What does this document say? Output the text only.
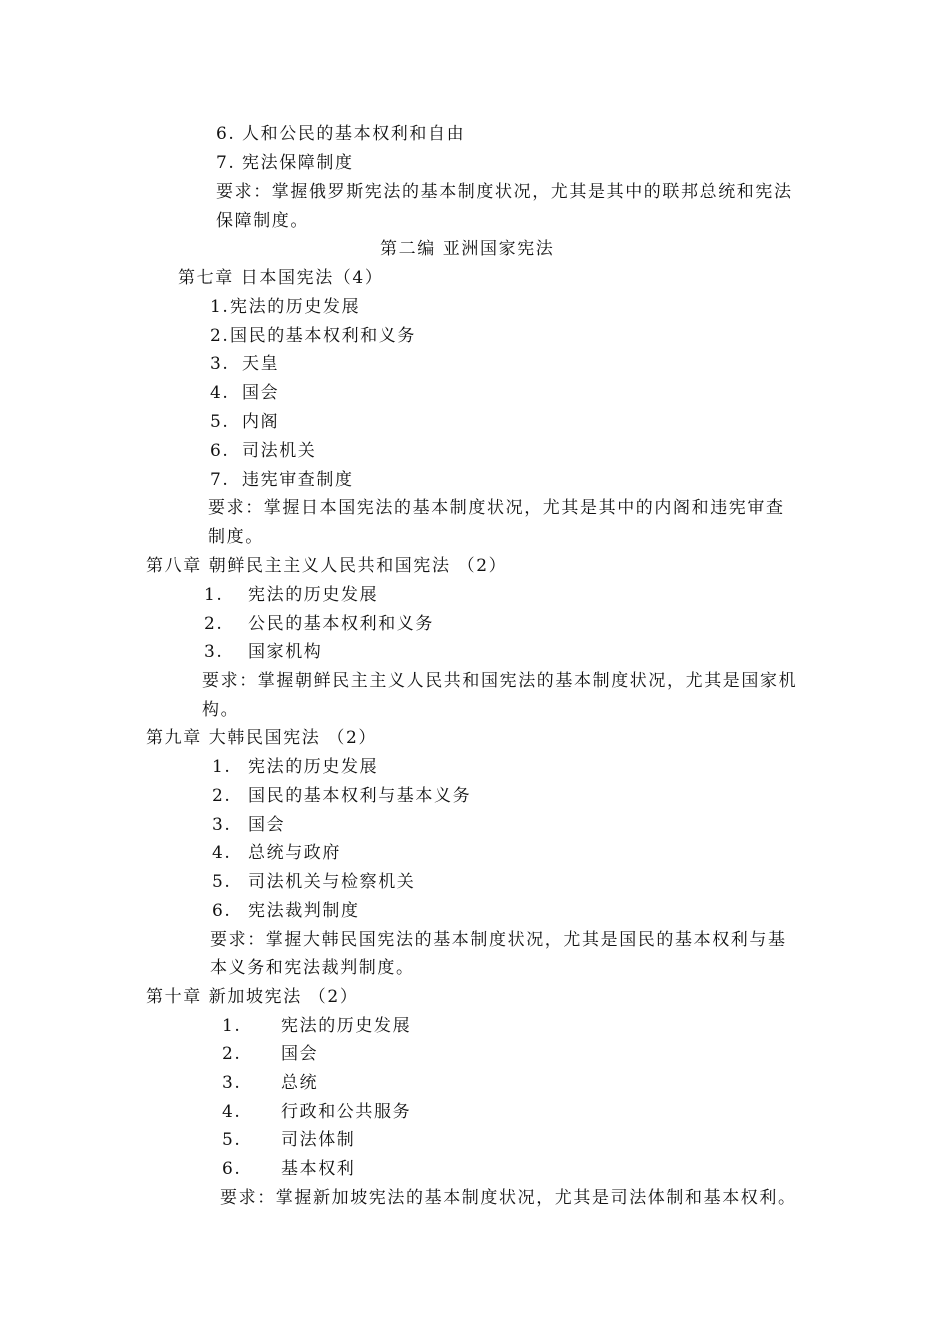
6. 人和公民的基本权利和自由
7. 宪法保障制度
要求：掌握俄罗斯宪法的基本制度状况，尤其是其中的联邦总统和宪法
保障制度。
第二编 亚洲国家宪法
第七章 日本国宪法（4）
1.宪法的历史发展
2.国民的基本权利和义务
3. 天皇
4. 国会
5. 内阁
6. 司法机关
7. 违宪审查制度
要求：掌握日本国宪法的基本制度状况，尤其是其中的内阁和违宪审查
制度。
第八章 朝鲜民主主义人民共和国宪法 （2）
1. 宪法的历史发展
2. 公民的基本权利和义务
3. 国家机构
要求：掌握朝鲜民主主义人民共和国宪法的基本制度状况，尤其是国家机
构。
第九章 大韩民国宪法 （2）
1. 宪法的历史发展
2. 国民的基本权利与基本义务
3. 国会
4. 总统与政府
5. 司法机关与检察机关
6. 宪法裁判制度
要求：掌握大韩民国宪法的基本制度状况，尤其是国民的基本权利与基
本义务和宪法裁判制度。
第十章 新加坡宪法 （2）
1. 宪法的历史发展
2. 国会
3. 总统
4. 行政和公共服务
5. 司法体制
6. 基本权利
要求：掌握新加坡宪法的基本制度状况，尤其是司法体制和基本权利。
